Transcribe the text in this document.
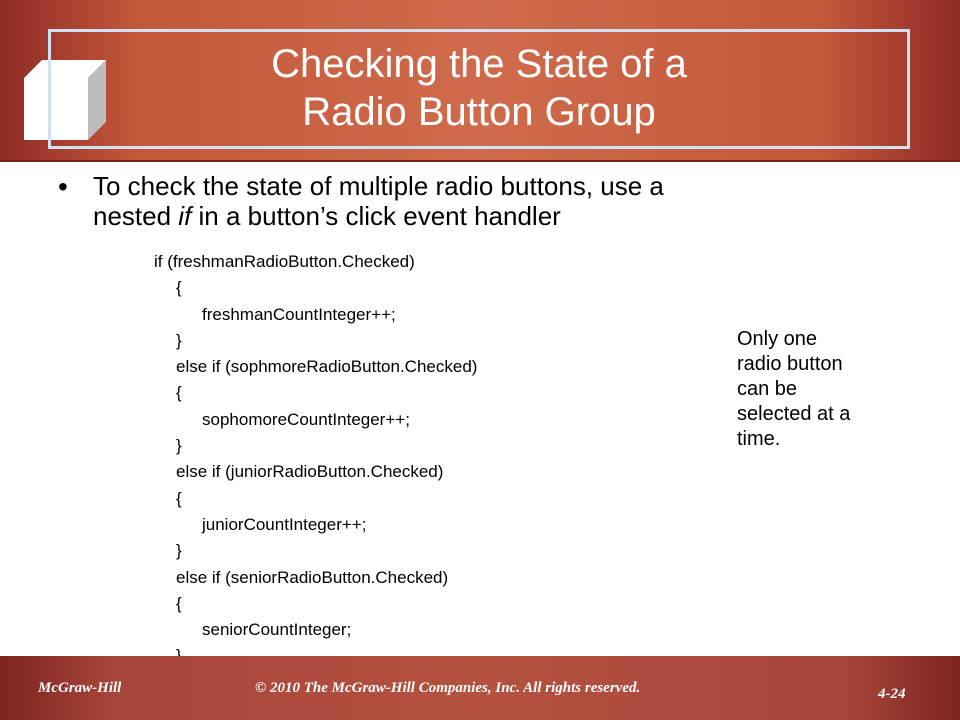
Checking the State of a
Radio Button Group
• To check the state of multiple radio buttons, use a
nested if in a button’s click event handler
if (freshmanRadioButton.Checked)
{
freshmanCountInteger++;
}
else if (sophmoreRadioButton.Checked)
{
sophomoreCountInteger++;
}
else if (juniorRadioButton.Checked)
{
juniorCountInteger++;
}
else if (seniorRadioButton.Checked)
{
seniorCountInteger;
Only one
radio button
can be
selected at a
time.
McGraw-Hill	© 2010 The McGraw-Hill Companies, Inc. All rights reserved.	4-24
